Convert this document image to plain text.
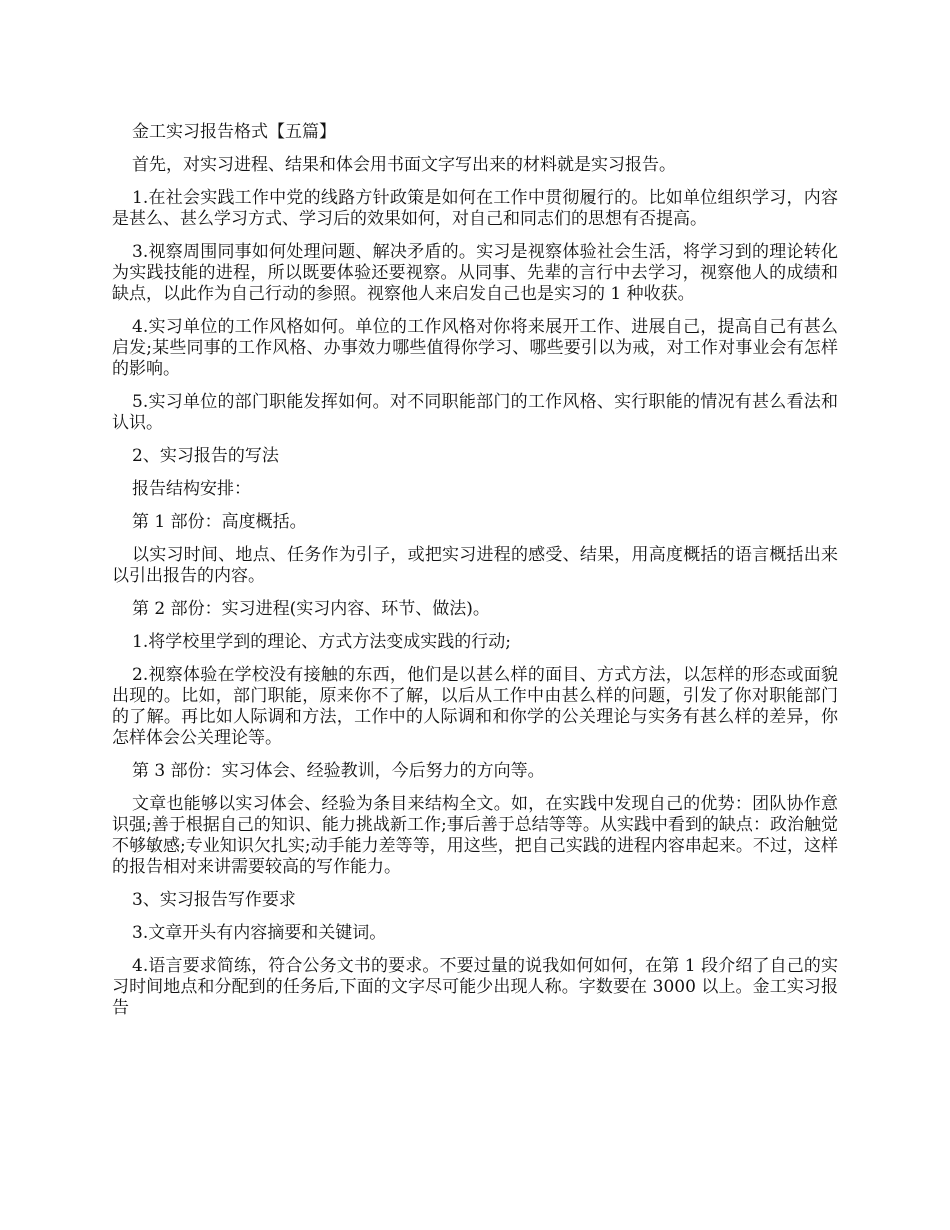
金工实习报告格式【五篇】

首先，对实习进程、结果和体会用书面文字写出来的材料就是实习报告。

1.在社会实践工作中党的线路方针政策是如何在工作中贯彻履行的。比如单位组织学习，内容是甚么、甚么学习方式、学习后的效果如何，对自己和同志们的思想有否提高。

3.视察周围同事如何处理问题、解决矛盾的。实习是视察体验社会生活，将学习到的理论转化为实践技能的进程，所以既要体验还要视察。从同事、先辈的言行中去学习，视察他人的成绩和缺点，以此作为自己行动的参照。视察他人来启发自己也是实习的 1 种收获。

4.实习单位的工作风格如何。单位的工作风格对你将来展开工作、进展自己，提高自己有甚么启发;某些同事的工作风格、办事效力哪些值得你学习、哪些要引以为戒，对工作对事业会有怎样的影响。

5.实习单位的部门职能发挥如何。对不同职能部门的工作风格、实行职能的情况有甚么看法和认识。

2、实习报告的写法

报告结构安排：

第 1 部份：高度概括。

以实习时间、地点、任务作为引子，或把实习进程的感受、结果，用高度概括的语言概括出来以引出报告的内容。

第 2 部份：实习进程(实习内容、环节、做法)。

1.将学校里学到的理论、方式方法变成实践的行动;

2.视察体验在学校没有接触的东西，他们是以甚么样的面目、方式方法，以怎样的形态或面貌出现的。比如，部门职能，原来你不了解，以后从工作中由甚么样的问题，引发了你对职能部门的了解。再比如人际调和方法，工作中的人际调和和你学的公关理论与实务有甚么样的差异，你怎样体会公关理论等。

第 3 部份：实习体会、经验教训，今后努力的方向等。

文章也能够以实习体会、经验为条目来结构全文。如，在实践中发现自己的优势：团队协作意识强;善于根据自己的知识、能力挑战新工作;事后善于总结等等。从实践中看到的缺点：政治触觉不够敏感;专业知识欠扎实;动手能力差等等，用这些，把自己实践的进程内容串起来。不过，这样的报告相对来讲需要较高的写作能力。

3、实习报告写作要求

3.文章开头有内容摘要和关键词。

4.语言要求简练，符合公务文书的要求。不要过量的说我如何如何，在第 1 段介绍了自己的实习时间地点和分配到的任务后,下面的文字尽可能少出现人称。字数要在 3000 以上。金工实习报告
